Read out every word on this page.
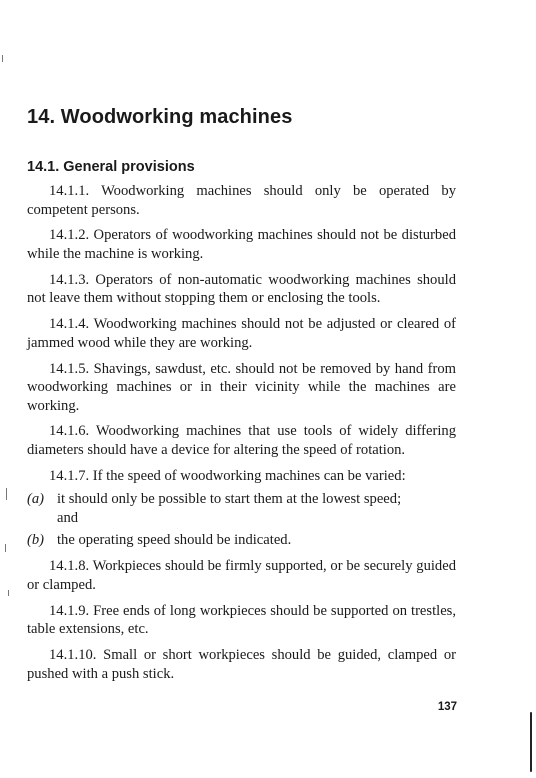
14. Woodworking machines
14.1. General provisions

14.1.1. Woodworking machines should only be operated by competent persons.

14.1.2. Operators of woodworking machines should not be disturbed while the machine is working.

14.1.3. Operators of non-automatic woodworking machines should not leave them without stopping them or enclosing the tools.

14.1.4. Woodworking machines should not be adjusted or cleared of jammed wood while they are working.

14.1.5. Shavings, sawdust, etc. should not be removed by hand from woodworking machines or in their vicinity while the machines are working.

14.1.6. Woodworking machines that use tools of widely differing diameters should have a device for altering the speed of rotation.

14.1.7. If the speed of woodworking machines can be varied:

(a) it should only be possible to start them at the lowest speed;

and

(b) the operating speed should be indicated.

14.1.8. Workpieces should be firmly supported, or be securely guided or clamped.

14.1.9. Free ends of long workpieces should be supported on trestles, table extensions, etc.

14.1.10. Small or short workpieces should be guided, clamped or pushed with a push stick.

137
